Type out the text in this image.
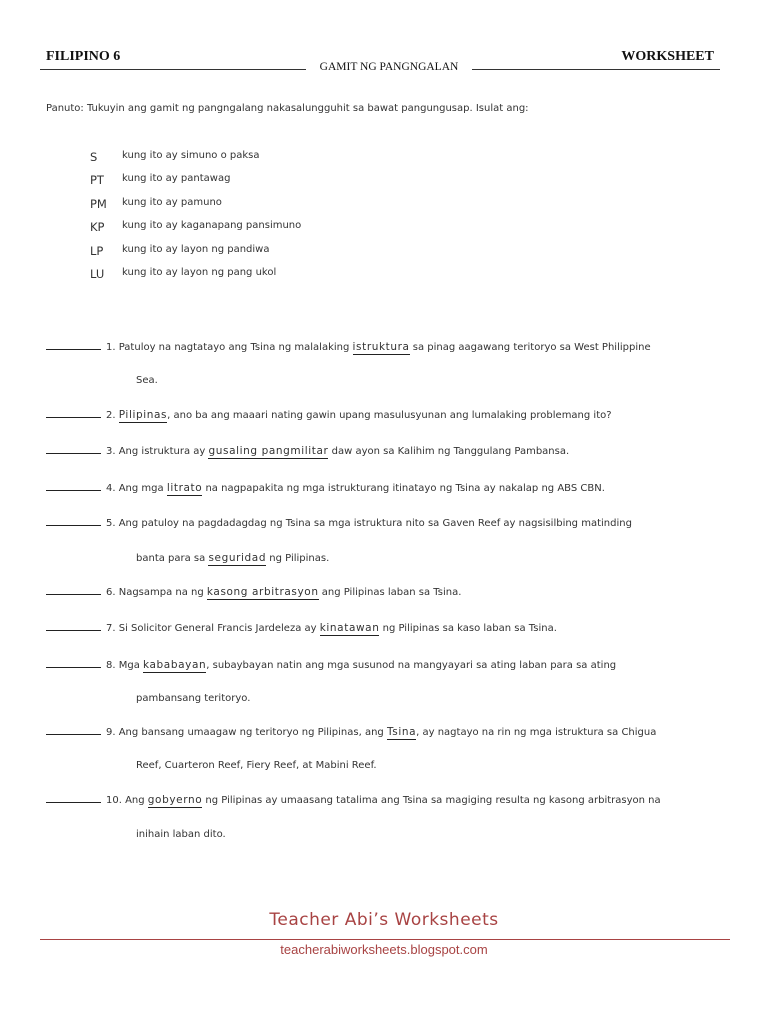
FILIPINO 6
GAMIT NG PANGNGALAN
WORKSHEET
Panuto: Tukuyin ang gamit ng pangngalang nakasalungguhit sa bawat pangungusap. Isulat ang:
S	kung ito ay simuno o paksa
PT	kung ito ay pantawag
PM	kung ito ay pamuno
KP	kung ito ay kaganapang pansimuno
LP	kung ito ay layon ng pandiwa
LU	kung ito ay layon ng pang ukol
1. Patuloy na nagtatayo ang Tsina ng malalaking istruktura sa pinag aagawang teritoryo sa West Philippine
Sea.
2. Pilipinas, ano ba ang maaari nating gawin upang masulusyunan ang lumalaking problemang ito?
3. Ang istruktura ay gusaling pangmilitar daw ayon sa Kalihim ng Tanggulang Pambansa.
4. Ang mga litrato na nagpapakita ng mga istrukturang itinatayo ng Tsina ay nakalap ng ABS CBN.
5. Ang patuloy na pagdadagdag ng Tsina sa mga istruktura nito sa Gaven Reef ay nagsisilbing matinding
banta para sa seguridad ng Pilipinas.
6. Nagsampa na ng kasong arbitrasyon ang Pilipinas laban sa Tsina.
7. Si Solicitor General Francis Jardeleza ay kinatawan ng Pilipinas sa kaso laban sa Tsina.
8. Mga kababayan, subaybayan natin ang mga susunod na mangyayari sa ating laban para sa ating
pambansang teritoryo.
9. Ang bansang umaagaw ng teritoryo ng Pilipinas, ang Tsina, ay nagtayo na rin ng mga istruktura sa Chigua
Reef, Cuarteron Reef, Fiery Reef, at Mabini Reef.
10. Ang gobyerno ng Pilipinas ay umaasang tatalima ang Tsina sa magiging resulta ng kasong arbitrasyon na
inihain laban dito.
Teacher Abi’s Worksheets
teacherabiworksheets.blogspot.com
